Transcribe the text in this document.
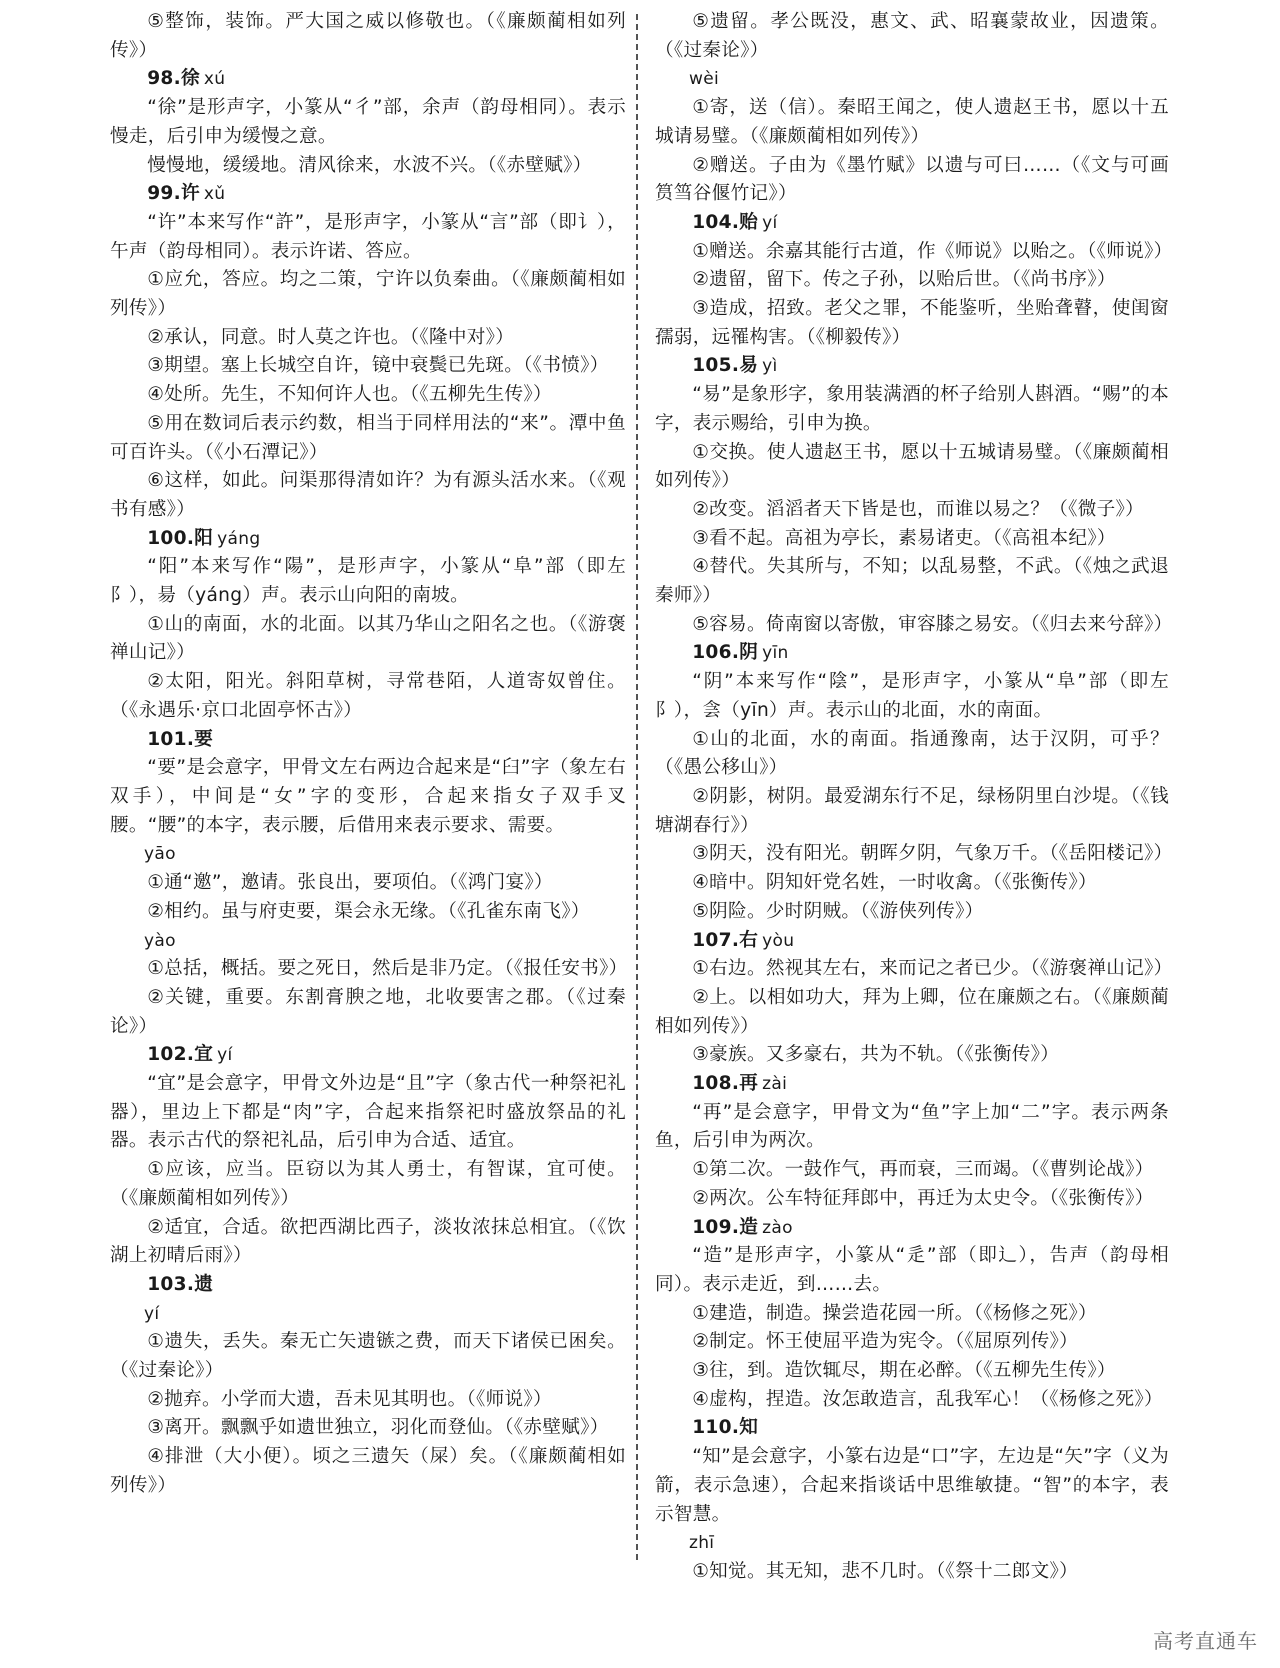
⑤整饰，装饰。严大国之威以修敬也。（《廉颇蔺相如列传》）

98.徐 xú

“徐”是形声字，小篆从“彳”部，余声（韵母相同）。表示慢走，后引申为缓慢之意。

慢慢地，缓缓地。清风徐来，水波不兴。（《赤壁赋》）

99.许 xǔ

“许”本来写作“許”，是形声字，小篆从“言”部（即讠），午声（韵母相同）。表示许诺、答应。

①应允，答应。均之二策，宁许以负秦曲。（《廉颇蔺相如列传》）

②承认，同意。时人莫之许也。（《隆中对》）

③期望。塞上长城空自许，镜中衰鬓已先斑。（《书愤》）

④处所。先生，不知何许人也。（《五柳先生传》）

⑤用在数词后表示约数，相当于同样用法的“来”。潭中鱼可百许头。（《小石潭记》）

⑥这样，如此。问渠那得清如许？为有源头活水来。（《观书有感》）

100.阳 yáng

“阳”本来写作“陽”，是形声字，小篆从“阜”部（即左阝），昜（yáng）声。表示山向阳的南坡。

①山的南面，水的北面。以其乃华山之阳名之也。（《游褒禅山记》）

②太阳，阳光。斜阳草树，寻常巷陌，人道寄奴曾住。（《永遇乐·京口北固亭怀古》）

101.要

“要”是会意字，甲骨文左右两边合起来是“臼”字（象左右双手），中间是“女”字的变形，合起来指女子双手叉腰。“腰”的本字，表示腰，后借用来表示要求、需要。

yāo

①通“邀”，邀请。张良出，要项伯。（《鸿门宴》）

②相约。虽与府吏要，渠会永无缘。（《孔雀东南飞》）

yào

①总括，概括。要之死日，然后是非乃定。（《报任安书》）

②关键，重要。东割膏腴之地，北收要害之郡。（《过秦论》）

102.宜 yí

“宜”是会意字，甲骨文外边是“且”字（象古代一种祭祀礼器），里边上下都是“肉”字，合起来指祭祀时盛放祭品的礼器。表示古代的祭祀礼品，后引申为合适、适宜。

①应该，应当。臣窃以为其人勇士，有智谋，宜可使。（《廉颇蔺相如列传》）

②适宜，合适。欲把西湖比西子，淡妆浓抹总相宜。（《饮湖上初晴后雨》）

103.遗

yí

①遗失，丢失。秦无亡矢遗镞之费，而天下诸侯已困矣。（《过秦论》）

②抛弃。小学而大遗，吾未见其明也。（《师说》）

③离开。飘飘乎如遗世独立，羽化而登仙。（《赤壁赋》）

④排泄（大小便）。顷之三遗矢（屎）矣。（《廉颇蔺相如列传》）

⑤遗留。孝公既没，惠文、武、昭襄蒙故业，因遗策。（《过秦论》）

wèi

①寄，送（信）。秦昭王闻之，使人遗赵王书，愿以十五城请易璧。（《廉颇蔺相如列传》）

②赠送。子由为《墨竹赋》以遗与可曰……（《文与可画筼筜谷偃竹记》）

104.贻 yí

①赠送。余嘉其能行古道，作《师说》以贻之。（《师说》）

②遗留，留下。传之子孙，以贻后世。（《尚书序》）

③造成，招致。老父之罪，不能鉴听，坐贻聋瞽，使闺窗孺弱，远罹构害。（《柳毅传》）

105.易 yì

“易”是象形字，象用装满酒的杯子给别人斟酒。“赐”的本字，表示赐给，引申为换。

①交换。使人遗赵王书，愿以十五城请易璧。（《廉颇蔺相如列传》）

②改变。滔滔者天下皆是也，而谁以易之？（《微子》）

③看不起。高祖为亭长，素易诸吏。（《高祖本纪》）

④替代。失其所与，不知；以乱易整，不武。（《烛之武退秦师》）

⑤容易。倚南窗以寄傲，审容膝之易安。（《归去来兮辞》）

106.阴 yīn

“阴”本来写作“陰”，是形声字，小篆从“阜”部（即左阝），侌（yīn）声。表示山的北面，水的南面。

①山的北面，水的南面。指通豫南，达于汉阴，可乎？（《愚公移山》）

②阴影，树阴。最爱湖东行不足，绿杨阴里白沙堤。（《钱塘湖春行》）

③阴天，没有阳光。朝晖夕阴，气象万千。（《岳阳楼记》）

④暗中。阴知奸党名姓，一时收禽。（《张衡传》）

⑤阴险。少时阴贼。（《游侠列传》）

107.右 yòu

①右边。然视其左右，来而记之者已少。（《游褒禅山记》）

②上。以相如功大，拜为上卿，位在廉颇之右。（《廉颇蔺相如列传》）

③豪族。又多豪右，共为不轨。（《张衡传》）

108.再 zài

“再”是会意字，甲骨文为“鱼”字上加“二”字。表示两条鱼，后引申为两次。

①第二次。一鼓作气，再而衰，三而竭。（《曹刿论战》）

②两次。公车特征拜郎中，再迁为太史令。（《张衡传》）

109.造 zào

“造”是形声字，小篆从“辵”部（即辶），告声（韵母相同）。表示走近，到……去。

①建造，制造。操尝造花园一所。（《杨修之死》）

②制定。怀王使屈平造为宪令。（《屈原列传》）

③往，到。造饮辄尽，期在必醉。（《五柳先生传》）

④虚构，捏造。汝怎敢造言，乱我军心！（《杨修之死》）

110.知

“知”是会意字，小篆右边是“口”字，左边是“矢”字（义为箭，表示急速），合起来指谈话中思维敏捷。“智”的本字，表示智慧。

zhī

①知觉。其无知，悲不几时。（《祭十二郎文》）

高考直通车
